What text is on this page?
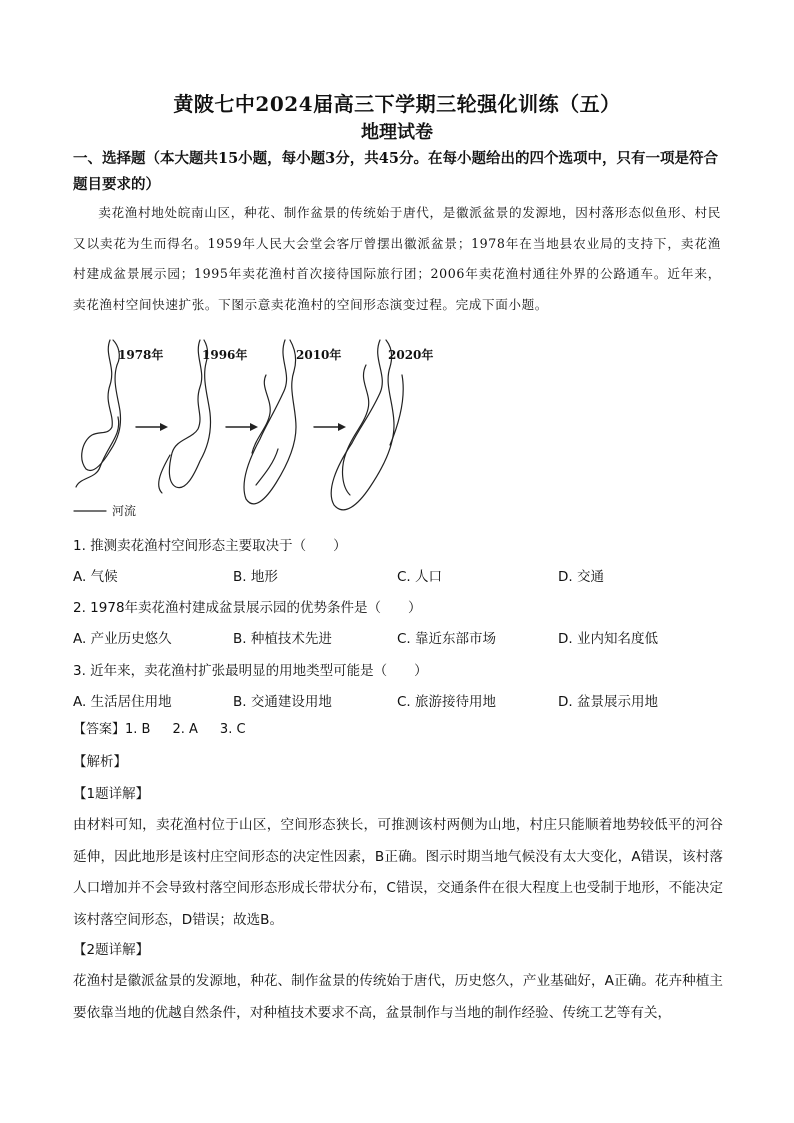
黄陂七中2024届高三下学期三轮强化训练（五）
地理试卷
一、选择题（本大题共15小题，每小题3分，共45分。在每小题给出的四个选项中，只有一项是符合题目要求的）
卖花渔村地处皖南山区，种花、制作盆景的传统始于唐代，是徽派盆景的发源地，因村落形态似鱼形、村民又以卖花为生而得名。1959年人民大会堂会客厅曾摆出徽派盆景；1978年在当地县农业局的支持下，卖花渔村建成盆景展示园；1995年卖花渔村首次接待国际旅行团；2006年卖花渔村通往外界的公路通车。近年来，卖花渔村空间快速扩张。下图示意卖花渔村的空间形态演变过程。完成下面小题。
1978年	1996年	2010年	2020年
河流
1. 推测卖花渔村空间形态主要取决于（　　）
A. 气候	B. 地形	C. 人口	D. 交通
2. 1978年卖花渔村建成盆景展示园的优势条件是（　　）
A. 产业历史悠久	B. 种植技术先进	C. 靠近东部市场	D. 业内知名度低
3. 近年来，卖花渔村扩张最明显的用地类型可能是（　　）
A. 生活居住用地	B. 交通建设用地	C. 旅游接待用地	D. 盆景展示用地
【答案】1. B 2. A 3. C
【解析】
【1题详解】
由材料可知，卖花渔村位于山区，空间形态狭长，可推测该村两侧为山地，村庄只能顺着地势较低平的河谷延伸，因此地形是该村庄空间形态的决定性因素，B正确。图示时期当地气候没有太大变化，A错误，该村落人口增加并不会导致村落空间形态形成长带状分布，C错误，交通条件在很大程度上也受制于地形，不能决定该村落空间形态，D错误；故选B。
【2题详解】
花渔村是徽派盆景的发源地，种花、制作盆景的传统始于唐代，历史悠久，产业基础好，A正确。花卉种植主要依靠当地的优越自然条件，对种植技术要求不高，盆景制作与当地的制作经验、传统工艺等有关，
